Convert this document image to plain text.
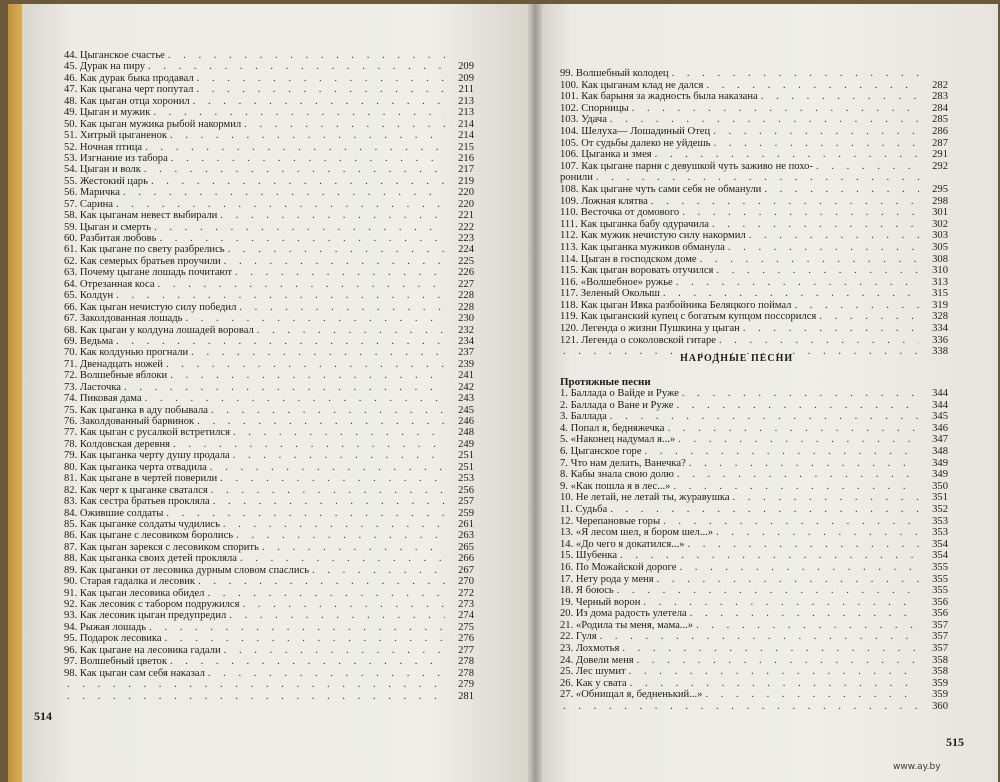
44. Цыганское счастье
. . .
45. Дурак на пиру . . .	209
46. Как дурак быка продавал . . .	209
47. Как цыгана черт попутал . . .	211
48. Как цыган отца хоронил . . .	213
49. Цыган и мужик . . .	213
50. Как цыган мужика рыбой накормил . . .	214
51. Хитрый цыганенок . . .	214
52. Ночная птица . . .	215
53. Изгнание из табора . . .	216
54. Цыган и волк . . .	217
55. Жестокий царь . . .	219
56. Маричка . . .	220
57. Сарина . . .	220
58. Как цыганам невест выбирали . . .	221
59. Цыган и смерть . . .	222
60. Разбитая любовь . . .	223
61. Как цыгане по свету разбрелись . . .	224
62. Как семерых братьев проучили . . .	225
63. Почему цыгане лошадь почитают . . .	226
64. Отрезанная коса . . .	227
65. Колдун . . .	228
66. Как цыган нечистую силу победил . . .	228
67. Заколдованная лошадь . . .	230
68. Как цыган у колдуна лошадей воровал . . .	232
69. Ведьма . . .	234
70. Как колдунью прогнали . . .	237
71. Двенадцать ножей . . .	239
72. Волшебные яблоки . . .	241
73. Ласточка . . .	242
74. Пиковая дама . . .	243
75. Как цыганка в аду побывала . . .	245
76. Заколдованный барвинок . . .	246
77. Как цыган с русалкой встретился . . .	248
78. Колдовская деревня . . .	249
79. Как цыганка черту душу продала . . .	251
80. Как цыганка черта отвадила . . .	251
81. Как цыгане в чертей поверили . . .	253
82. Как черт к цыганке сватался . . .	256
83. Как сестра братьев прокляла . . .	257
84. Ожившие солдаты . . .	259
85. Как цыганке солдаты чудились . . .	261
86. Как цыгане с лесовиком боролись . . .	263
87. Как цыган зарекся с лесовиком спорить . . .	265
88. Как цыганка своих детей прокляла . . .	266
89. Как цыганки от лесовика дурным словом спаслись . . .	267
90. Старая гадалка и лесовик . . .	270
91. Как цыган лесовика обидел . . .	272
92. Как лесовик с табором подружился . . .	273
93. Как лесовик цыган предупредил . . .	274
94. Рыжая лошадь . . .	275
95. Подарок лесовика . . .	276
96. Как цыгане на лесовика гадали . . .	277
97. Волшебный цветок . . .	278
98. Как цыган сам себя наказал . . .	278
. . .
279
. . .
281
514
99. Волшебный колодец
. . .
100. Как цыганам клад не дался . . .	282
101. Как барыня за жадность была наказана . . .	283
102. Спорницы . . .	284
103. Удача . . .	285
104. Шелуха— Лошадиный Отец . . .	286
105. От судьбы далеко не уйдешь . . .	287
106. Цыганка и змея . . .	291
107. Как цыгане парня с девушкой чуть заживо не похо- . . .	292
ронили
. . .
108. Как цыгане чуть сами себя не обманули . . .	295
109. Ложная клятва . . .	298
110. Весточка от домового . . .	301
111. Как цыганка бабу одурачила . . .	302
112. Как мужик нечистую силу накормил . . .	303
113. Как цыганка мужиков обманула . . .	305
114. Цыган в господском доме . . .	308
115. Как цыган воровать отучился . . .	310
116. «Волшебное» ружье . . .	313
117. Зеленый Околыш . . .	315
118. Как цыган Ивка разбойника Беляцкого поймал . . .	319
119. Как цыганский купец с богатым купцом поссорился . . .	328
120. Легенда о жизни Пушкина у цыган . . .	334
121. Легенда о соколовской гитаре . . .	336
. . .
338
НАРОДНЫЕ ПЕСНИ
Протяжные песни
1. Баллада о Вайде и Руже . . .	344
2. Баллада о Ване и Руже . . .	344
3. Баллада . . .	345
4. Попал я, бедняжечка . . .	346
5. «Наконец надумал я...» . . .	347
6. Цыганское горе . . .	348
7. Что нам делать, Ванечка? . . .	349
8. Кабы знала свою долю . . .	349
9. «Как пошла я в лес...» . . .	350
10. Не летай, не летай ты, журавушка . . .	351
11. Судьба . . .	352
12. Черепановые горы . . .	353
13. «Я лесом шел, я бором шел...» . . .	353
14. «До чего я докатился...» . . .	354
15. Шубенка . . .	354
16. По Можайской дороге . . .	355
17. Нету рода у меня . . .	355
18. Я боюсь . . .	355
19. Черный ворон . . .	356
20. Из дома радость улетела . . .	356
21. «Родила ты меня, мама...» . . .	357
22. Гуля . . .	357
23. Лохмотья . . .	357
24. Довели меня . . .	358
25. Лес шумит . . .	358
26. Как у свата . . .	359
27. «Обнищал я, бедненький...» . . .	359
. . .
360
515
www.ay.by
